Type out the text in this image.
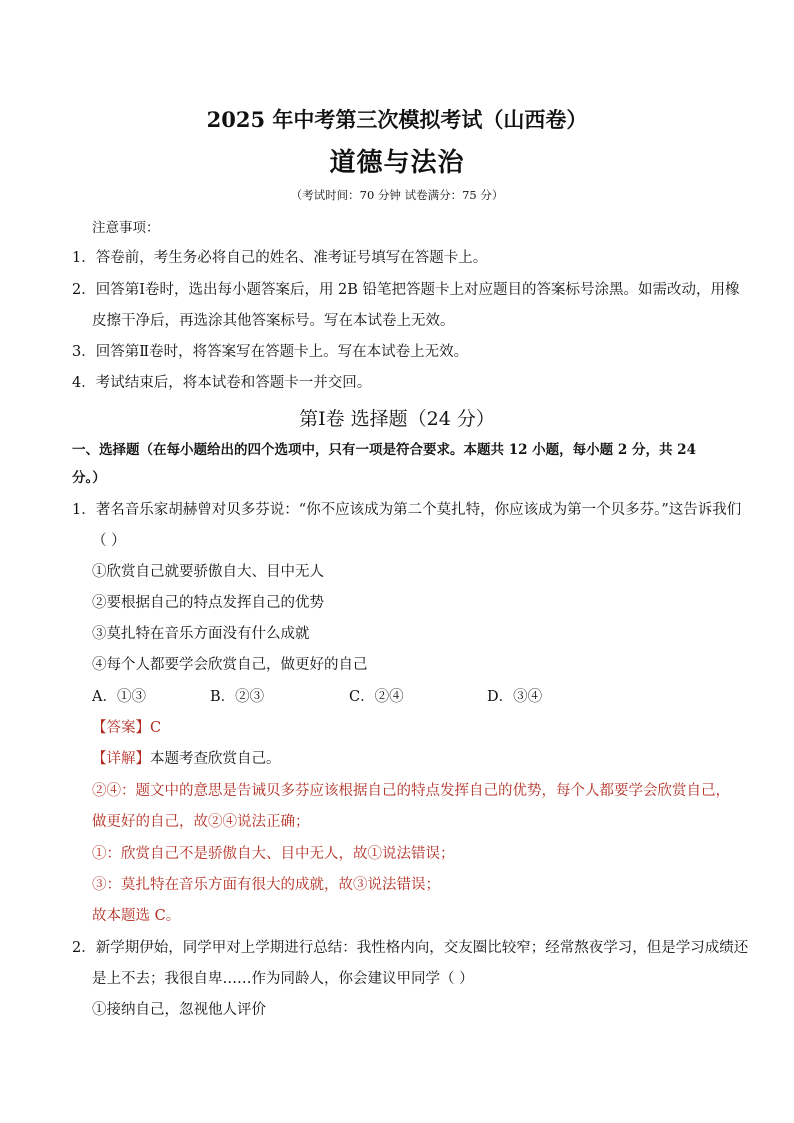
2025 年中考第三次模拟考试（山西卷）
道德与法治
（考试时间：70 分钟 试卷满分：75 分）
注意事项：
1．答卷前，考生务必将自己的姓名、准考证号填写在答题卡上。
2．回答第Ⅰ卷时，选出每小题答案后，用 2B 铅笔把答题卡上对应题目的答案标号涂黑。如需改动，用橡
皮擦干净后，再选涂其他答案标号。写在本试卷上无效。
3．回答第Ⅱ卷时，将答案写在答题卡上。写在本试卷上无效。
4．考试结束后，将本试卷和答题卡一并交回。
第Ⅰ卷 选择题（24 分）
一、选择题（在每小题给出的四个选项中，只有一项是符合要求。本题共 12 小题，每小题 2 分，共 24
分。）
1．著名音乐家胡赫曾对贝多芬说：“你不应该成为第二个莫扎特，你应该成为第一个贝多芬。”这告诉我们
（ ）
①欣赏自己就要骄傲自大、目中无人
②要根据自己的特点发挥自己的优势
③莫扎特在音乐方面没有什么成就
④每个人都要学会欣赏自己，做更好的自己
A．①③	B．②③	C．②④	D．③④
【答案】C
【详解】本题考查欣赏自己。
②④：题文中的意思是告诫贝多芬应该根据自己的特点发挥自己的优势，每个人都要学会欣赏自己，
做更好的自己，故②④说法正确；
①：欣赏自己不是骄傲自大、目中无人，故①说法错误；
③：莫扎特在音乐方面有很大的成就，故③说法错误；
故本题选 C。
2．新学期伊始，同学甲对上学期进行总结：我性格内向，交友圈比较窄；经常熬夜学习，但是学习成绩还
是上不去；我很自卑……作为同龄人，你会建议甲同学（ ）
①接纳自己，忽视他人评价
